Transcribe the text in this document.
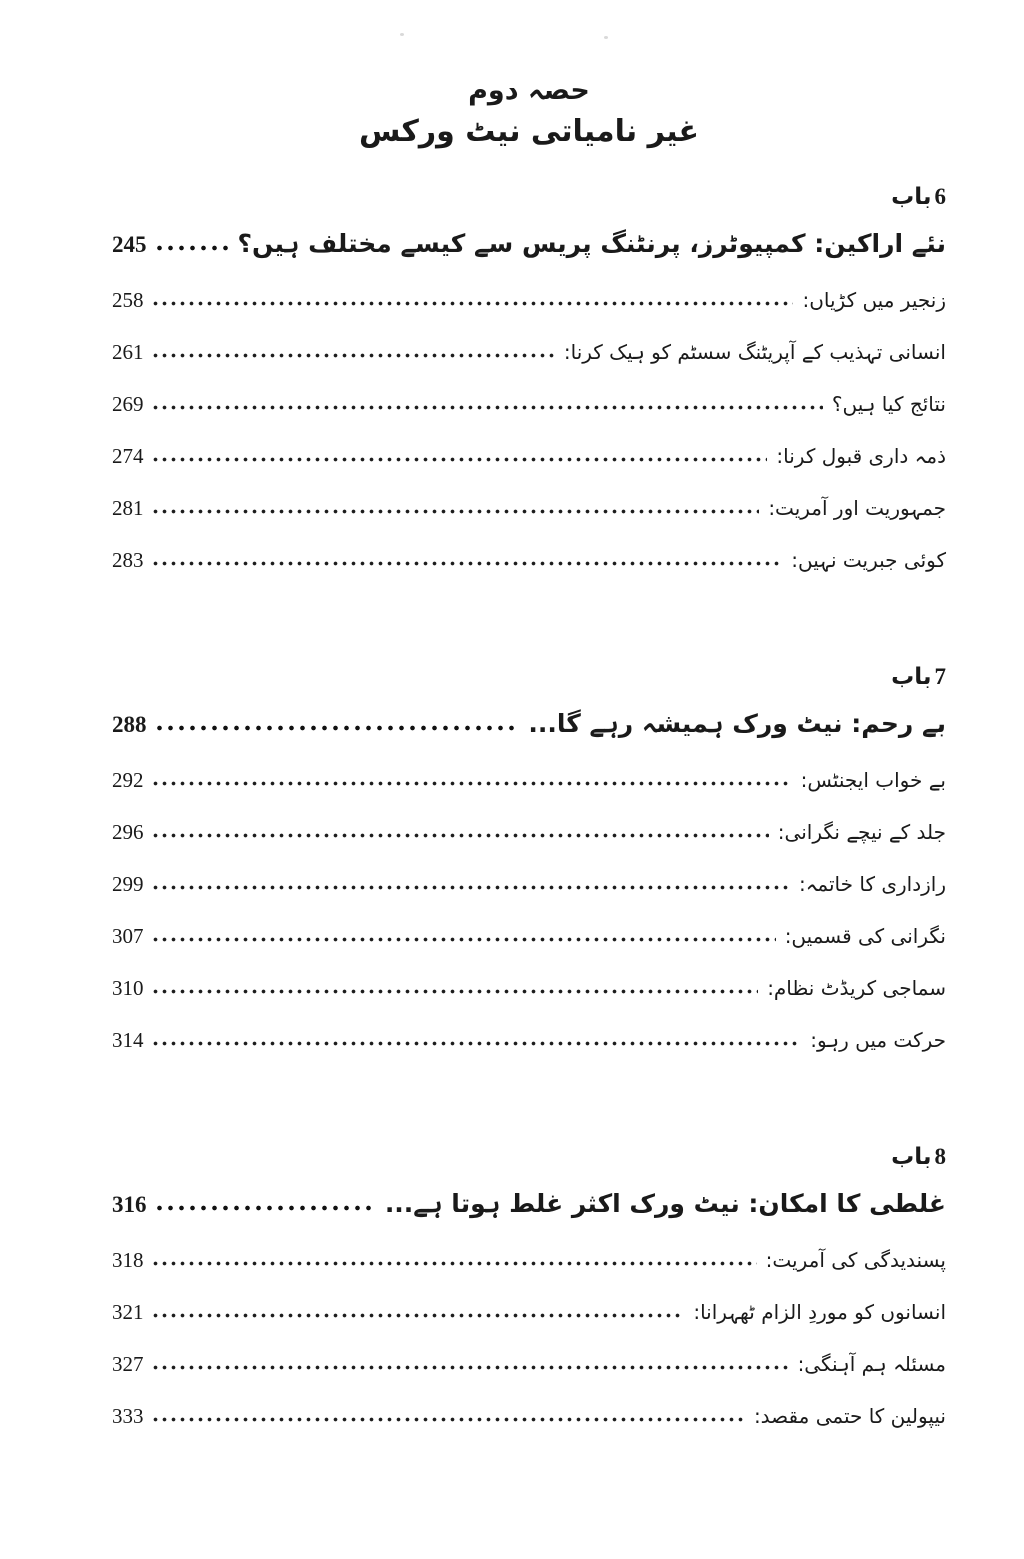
حصہ دوم
غیر نامیاتی نیٹ ورکس
باب 6
نئے اراکین: کمپیوٹرز، پرنٹنگ پریس سے کیسے مختلف ہیں؟
245
زنجیر میں کڑیاں:
258
انسانی تہذیب کے آپریٹنگ سسٹم کو ہیک کرنا:
261
نتائج کیا ہیں؟
269
ذمہ داری قبول کرنا:
274
جمہوریت اور آمریت:
281
کوئی جبریت نہیں:
283
باب 7
بے رحم: نیٹ ورک ہمیشہ رہے گا...
288
بے خواب ایجنٹس:
292
جلد کے نیچے نگرانی:
296
رازداری کا خاتمہ:
299
نگرانی کی قسمیں:
307
سماجی کریڈٹ نظام:
310
حرکت میں رہو:
314
باب 8
غلطی کا امکان: نیٹ ورک اکثر غلط ہوتا ہے...
316
پسندیدگی کی آمریت:
318
انسانوں کو موردِ الزام ٹھہرانا:
321
مسئلہ ہم آہنگی:
327
نیپولین کا حتمی مقصد:
333
